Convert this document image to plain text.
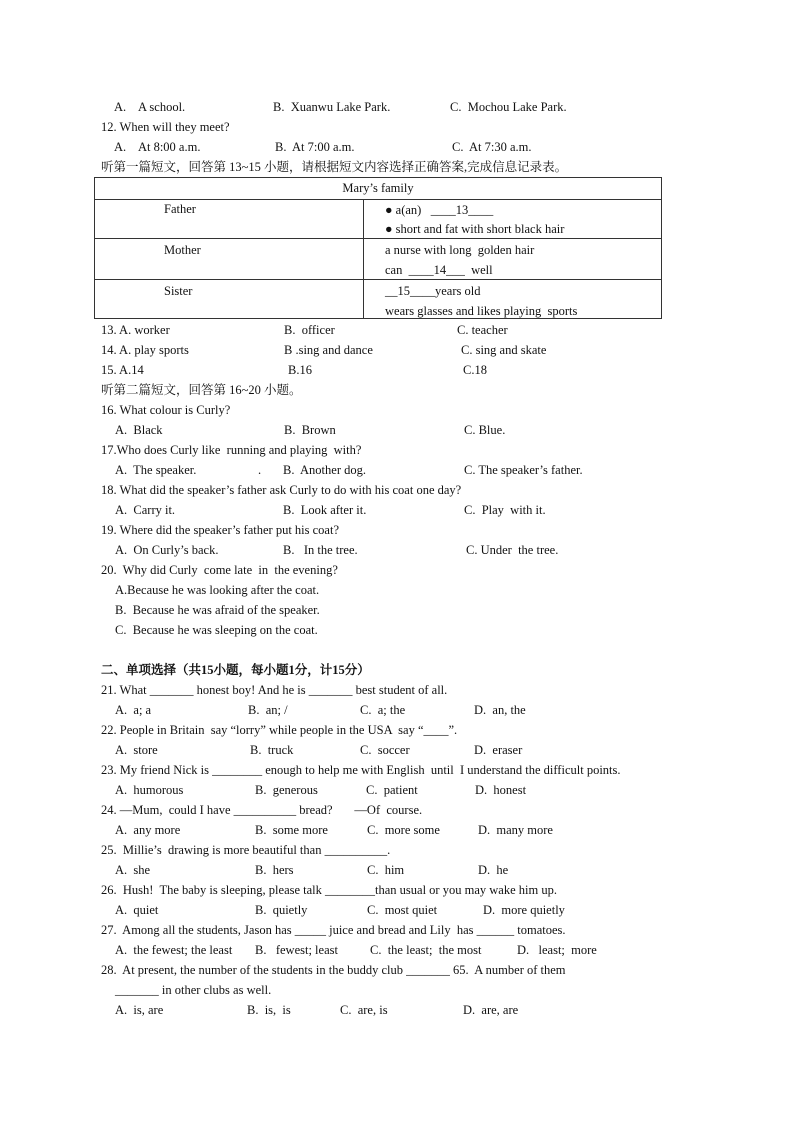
A.    A school.	B.  Xuanwu Lake Park.	C.  Mochou Lake Park.
12. When will they meet?
A.    At 8:00 a.m.	B.  At 7:00 a.m.	C.  At 7:30 a.m.
听第一篇短文，回答第 13~15 小题，请根据短文内容选择正确答案,完成信息记录表。
Mary’s family
Father	● a(an)   ____13____
● short and fat with short black hair
Mother	a nurse with long  golden hair
can  ____14___  well
Sister	__15____years old
wears glasses and likes playing  sports
13. A. worker	B.  officer	C. teacher
14. A. play sports	B .sing and dance	C. sing and skate
15. A.14	B.16	C.18
听第二篇短文，回答第 16~20 小题。
16. What colour is Curly?
A.  Black	B.  Brown	C. Blue.
17.Who does Curly like  running and playing  with?
A.  The speaker.	. B.  Another dog.	C. The speaker’s father.
18. What did the speaker’s father ask Curly to do with his coat one day?
A.  Carry it.	B.  Look after it.	C.  Play  with it.
19. Where did the speaker’s father put his coat?
A.  On Curly’s back.	B.   In the tree.	C. Under  the tree.
20.  Why did Curly  come late  in  the evening?
A.Because he was looking after the coat.
B.  Because he was afraid of the speaker.
C.  Because he was sleeping on the coat.
二、单项选择（共15小题，每小题1分，计15分）
21. What _______ honest boy! And he is _______ best student of all.
A.  a; a	B.  an; /	C.  a; the	D.  an, the
22. People in Britain  say “lorry” while people in the USA  say “____”.
A.  store	B.  truck	C.  soccer	D.  eraser
23. My friend Nick is ________ enough to help me with English  until  I understand the difficult points.
A.  humorous	B.  generous	C.  patient	D.  honest
24. —Mum,  could I have __________ bread?       —Of  course.
A.  any more	B.  some more	C.  more some	D.  many more
25.  Millie’s  drawing is more beautiful than __________.
A.  she	B.  hers	C.  him	D.  he
26.  Hush!  The baby is sleeping, please talk ________than usual or you may wake him up.
A.  quiet	B.  quietly	C.  most quiet	D.  more quietly
27.  Among all the students, Jason has _____ juice and bread and Lily  has ______ tomatoes.
A.  the fewest; the least B.   fewest; least	C.  the least;  the most	D.   least;  more
28.  At present, the number of the students in the buddy club _______ 65.  A number of them
_______ in other clubs as well.
A.  is, are	B.  is,  is	C.  are, is	D.  are, are
